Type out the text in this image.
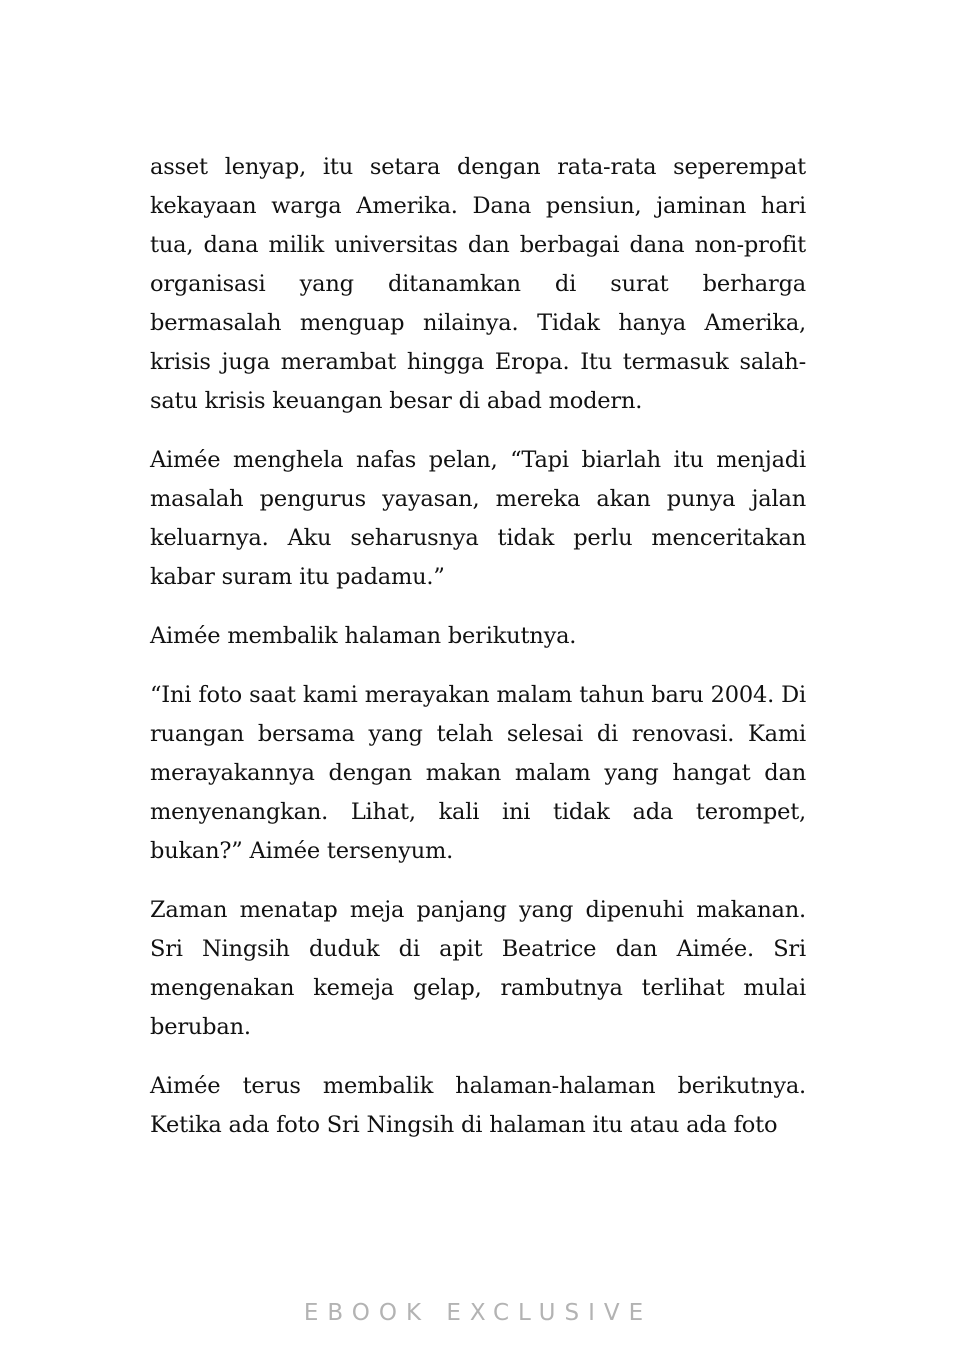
asset lenyap, itu setara dengan rata-rata seperempat kekayaan warga Amerika. Dana pensiun, jaminan hari tua, dana milik universitas dan berbagai dana non-profit organisasi yang ditanamkan di surat berharga bermasalah menguap nilainya. Tidak hanya Amerika, krisis juga merambat hingga Eropa. Itu termasuk salah-satu krisis keuangan besar di abad modern.

Aimée menghela nafas pelan, “Tapi biarlah itu menjadi masalah pengurus yayasan, mereka akan punya jalan keluarnya. Aku seharusnya tidak perlu menceritakan kabar suram itu padamu.”

Aimée membalik halaman berikutnya.

“Ini foto saat kami merayakan malam tahun baru 2004. Di ruangan bersama yang telah selesai di renovasi. Kami merayakannya dengan makan malam yang hangat dan menyenangkan. Lihat, kali ini tidak ada terompet, bukan?” Aimée tersenyum.

Zaman menatap meja panjang yang dipenuhi makanan. Sri Ningsih duduk di apit Beatrice dan Aimée. Sri mengenakan kemeja gelap, rambutnya terlihat mulai beruban.

Aimée terus membalik halaman-halaman berikutnya. Ketika ada foto Sri Ningsih di halaman itu atau ada foto

EBOOK EXCLUSIVE
